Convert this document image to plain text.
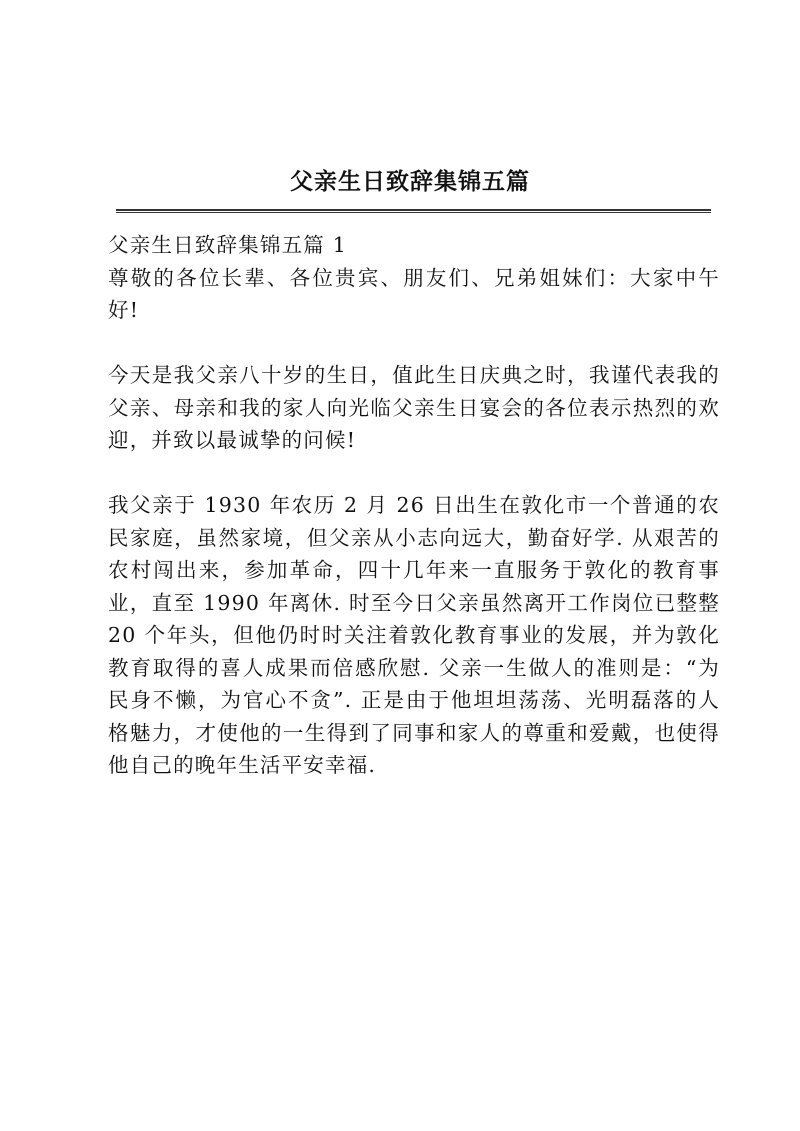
父亲生日致辞集锦五篇

父亲生日致辞集锦五篇 1

尊敬的各位长辈、各位贵宾、朋友们、兄弟姐妹们：大家中午好!

今天是我父亲八十岁的生日，值此生日庆典之时，我谨代表我的父亲、母亲和我的家人向光临父亲生日宴会的各位表示热烈的欢迎，并致以最诚挚的问候!

我父亲于 1930 年农历 2 月 26 日出生在敦化市一个普通的农民家庭，虽然家境，但父亲从小志向远大，勤奋好学. 从艰苦的农村闯出来，参加革命，四十几年来一直服务于敦化的教育事业，直至 1990 年离休. 时至今日父亲虽然离开工作岗位已整整 20 个年头，但他仍时时关注着敦化教育事业的发展，并为敦化教育取得的喜人成果而倍感欣慰. 父亲一生做人的准则是：“为民身不懒，为官心不贪”. 正是由于他坦坦荡荡、光明磊落的人格魅力，才使他的一生得到了同事和家人的尊重和爱戴，也使得他自己的晚年生活平安幸福.
